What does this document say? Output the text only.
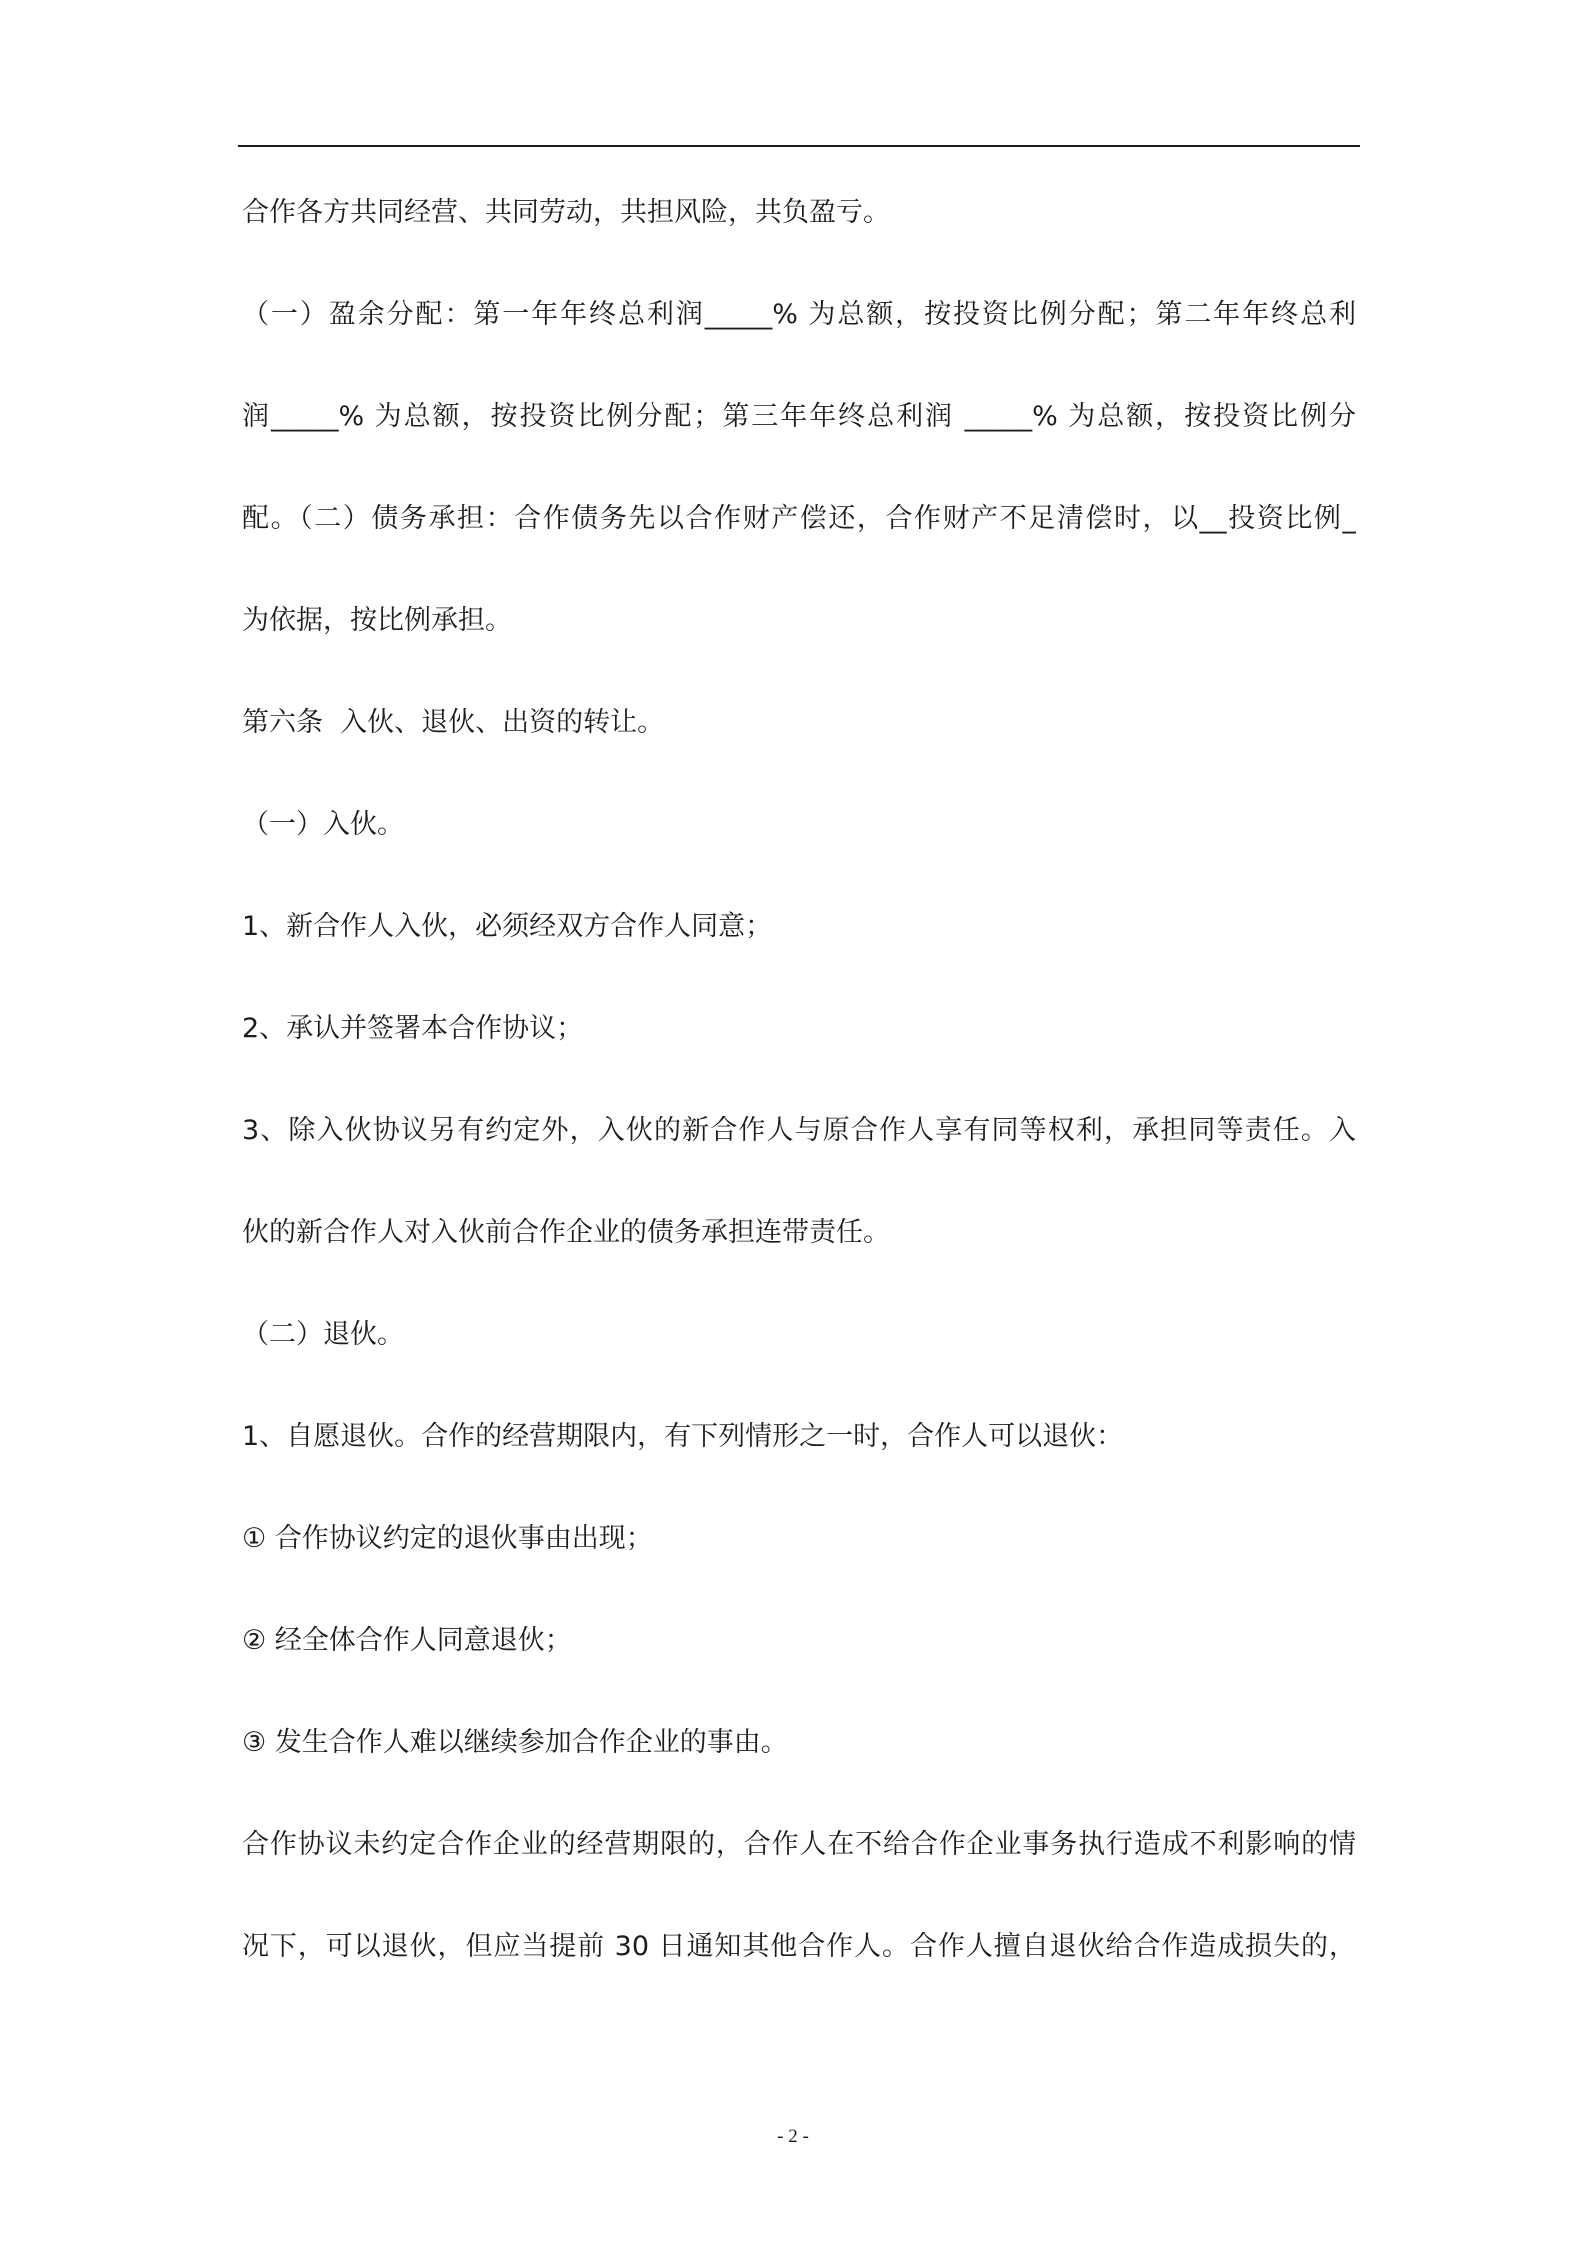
合作各方共同经营、共同劳动，共担风险，共负盈亏。
（一）盈余分配：第一年年终总利润_____% 为总额，按投资比例分配；第二年年终总利
润_____% 为总额，按投资比例分配；第三年年终总利润 _____% 为总额，按投资比例分
配。（二）债务承担：合作债务先以合作财产偿还，合作财产不足清偿时，以__投资比例_
为依据，按比例承担。
第六条  入伙、退伙、出资的转让。
（一）入伙。
1、新合作人入伙，必须经双方合作人同意；
2、承认并签署本合作协议；
3、除入伙协议另有约定外，入伙的新合作人与原合作人享有同等权利，承担同等责任。入
伙的新合作人对入伙前合作企业的债务承担连带责任。
（二）退伙。
1、自愿退伙。合作的经营期限内，有下列情形之一时，合作人可以退伙：
① 合作协议约定的退伙事由出现；
② 经全体合作人同意退伙；
③ 发生合作人难以继续参加合作企业的事由。
合作协议未约定合作企业的经营期限的，合作人在不给合作企业事务执行造成不利影响的情
况下，可以退伙，但应当提前 30 日通知其他合作人。合作人擅自退伙给合作造成损失的，
- 2 -
